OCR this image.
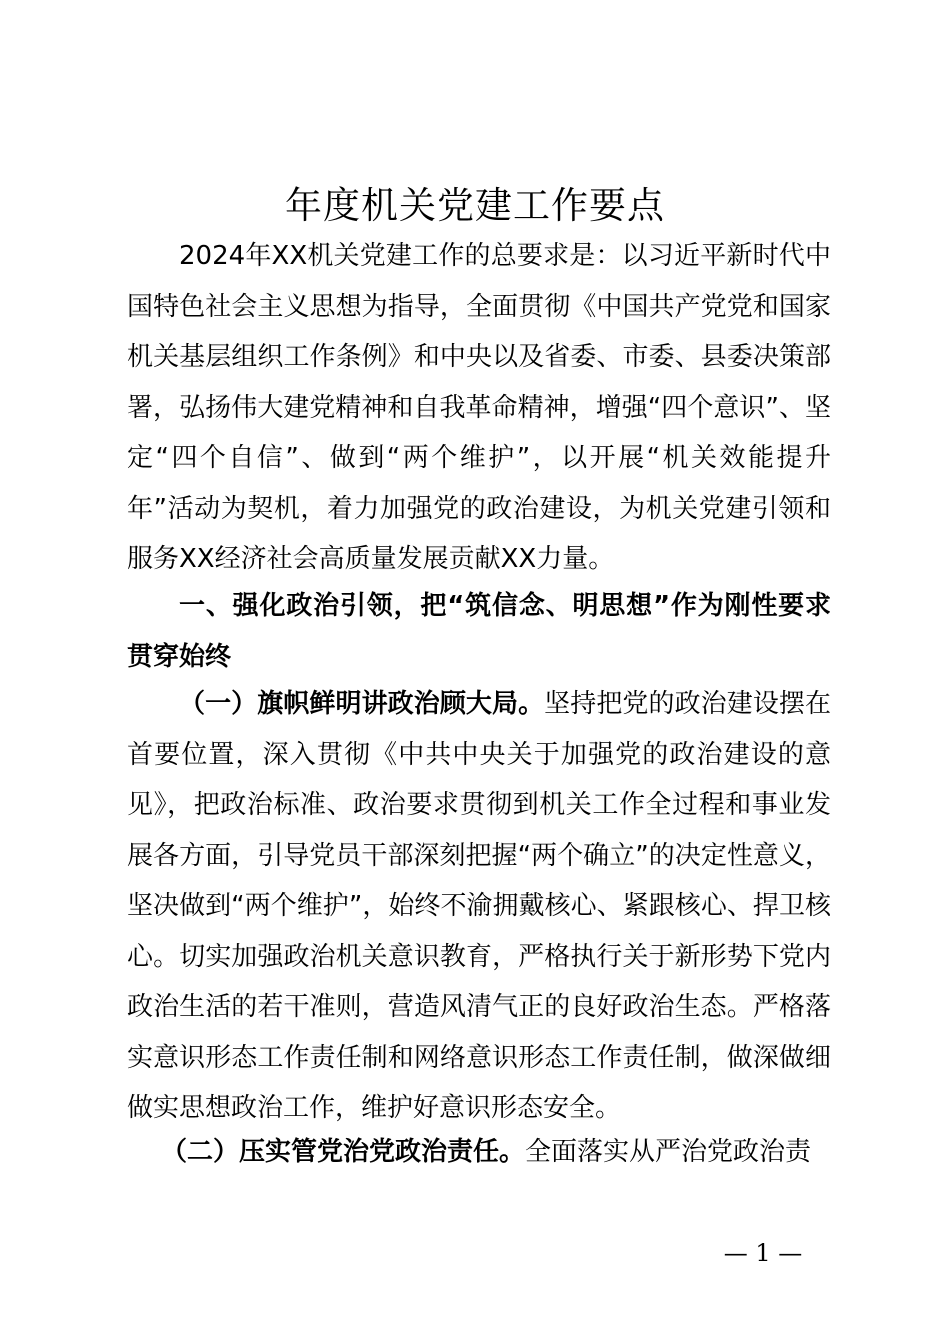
年度机关党建工作要点

2024年XX机关党建工作的总要求是：以习近平新时代中国特色社会主义思想为指导，全面贯彻《中国共产党党和国家机关基层组织工作条例》和中央以及省委、市委、县委决策部署，弘扬伟大建党精神和自我革命精神，增强“四个意识”、坚定“四个自信”、做到“两个维护”，以开展“机关效能提升年”活动为契机，着力加强党的政治建设，为机关党建引领和服务XX经济社会高质量发展贡献XX力量。

一、强化政治引领，把“筑信念、明思想”作为刚性要求贯穿始终

（一）旗帜鲜明讲政治顾大局。坚持把党的政治建设摆在首要位置，深入贯彻《中共中央关于加强党的政治建设的意见》，把政治标准、政治要求贯彻到机关工作全过程和事业发展各方面，引导党员干部深刻把握“两个确立”的决定性意义，坚决做到“两个维护”，始终不渝拥戴核心、紧跟核心、捍卫核心。切实加强政治机关意识教育，严格执行关于新形势下党内政治生活的若干准则，营造风清气正的良好政治生态。严格落实意识形态工作责任制和网络意识形态工作责任制，做深做细做实思想政治工作，维护好意识形态安全。

（二）压实管党治党政治责任。全面落实从严治党政治责

— 1 —
